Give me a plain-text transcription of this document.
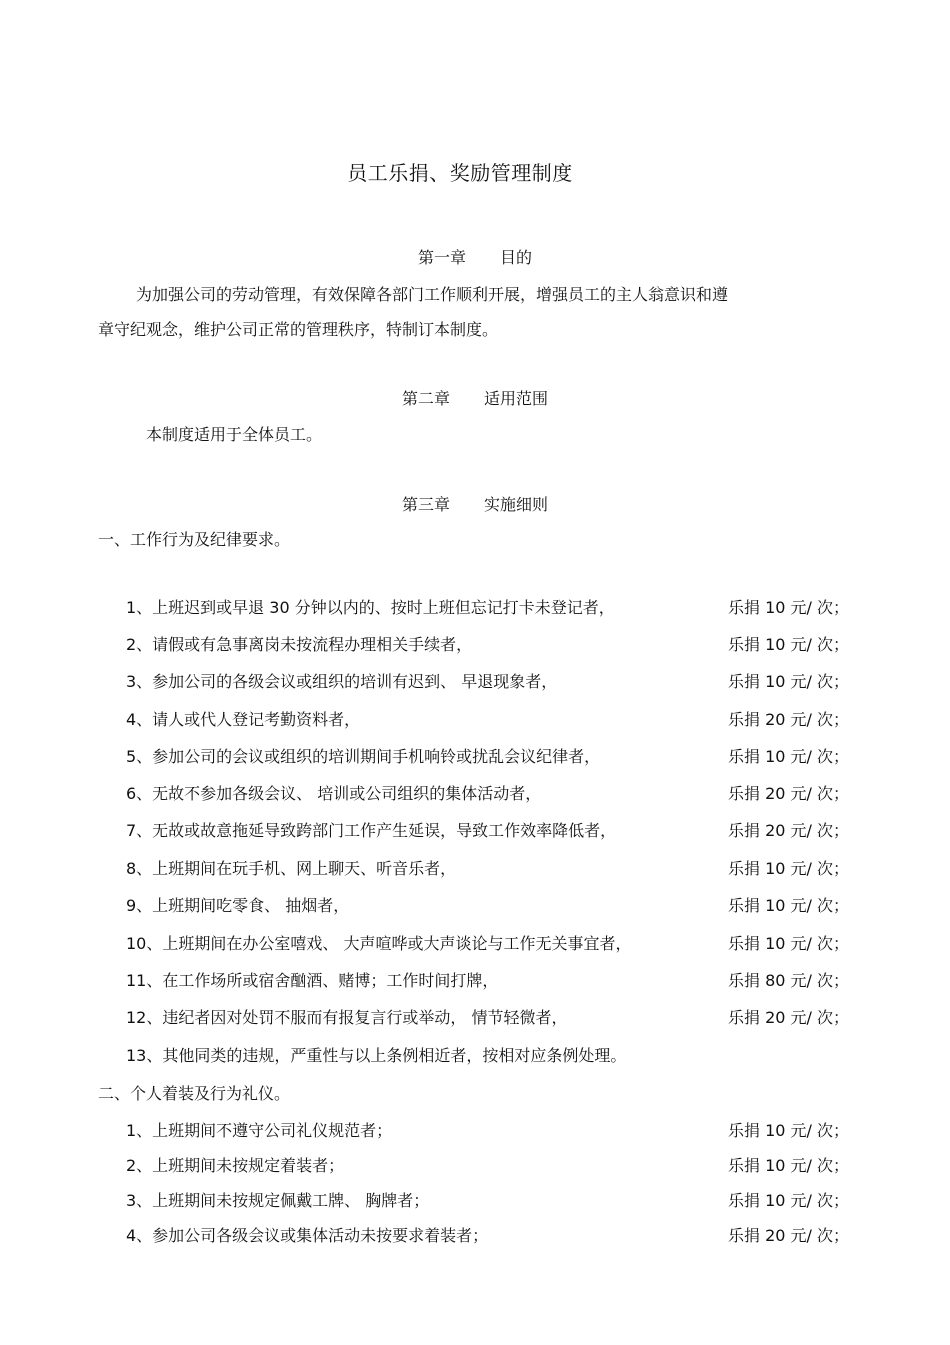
员工乐捐、奖励管理制度
第一章 目的
为加强公司的劳动管理，有效保障各部门工作顺利开展，增强员工的主人翁意识和遵
章守纪观念，维护公司正常的管理秩序，特制订本制度。
第二章 适用范围
本制度适用于全体员工。
第三章 实施细则
一、工作行为及纪律要求。
1、上班迟到或早退 30 分钟以内的、按时上班但忘记打卡未登记者，	乐捐 10 元/ 次；
2、请假或有急事离岗未按流程办理相关手续者，	乐捐 10 元/ 次；
3、参加公司的各级会议或组织的培训有迟到、 早退现象者，	乐捐 10 元/ 次；
4、请人或代人登记考勤资料者，	乐捐 20 元/ 次；
5、参加公司的会议或组织的培训期间手机响铃或扰乱会议纪律者，	乐捐 10 元/ 次；
6、无故不参加各级会议、 培训或公司组织的集体活动者，	乐捐 20 元/ 次；
7、无故或故意拖延导致跨部门工作产生延误，导致工作效率降低者，	乐捐 20 元/ 次；
8、上班期间在玩手机、网上聊天、听音乐者，	乐捐 10 元/ 次；
9、上班期间吃零食、 抽烟者，	乐捐 10 元/ 次；
10、上班期间在办公室嘻戏、 大声喧哗或大声谈论与工作无关事宜者，	乐捐 10 元/ 次；
11、在工作场所或宿舍酗酒、赌博；工作时间打牌，	乐捐 80 元/ 次；
12、违纪者因对处罚不服而有报复言行或举动， 情节轻微者，	乐捐 20 元/ 次；
13、其他同类的违规，严重性与以上条例相近者，按相对应条例处理。
二、个人着装及行为礼仪。
1、上班期间不遵守公司礼仪规范者；	乐捐 10 元/ 次；
2、上班期间未按规定着装者；	乐捐 10 元/ 次；
3、上班期间未按规定佩戴工牌、 胸牌者；	乐捐 10 元/ 次；
4、参加公司各级会议或集体活动未按要求着装者；	乐捐 20 元/ 次；
